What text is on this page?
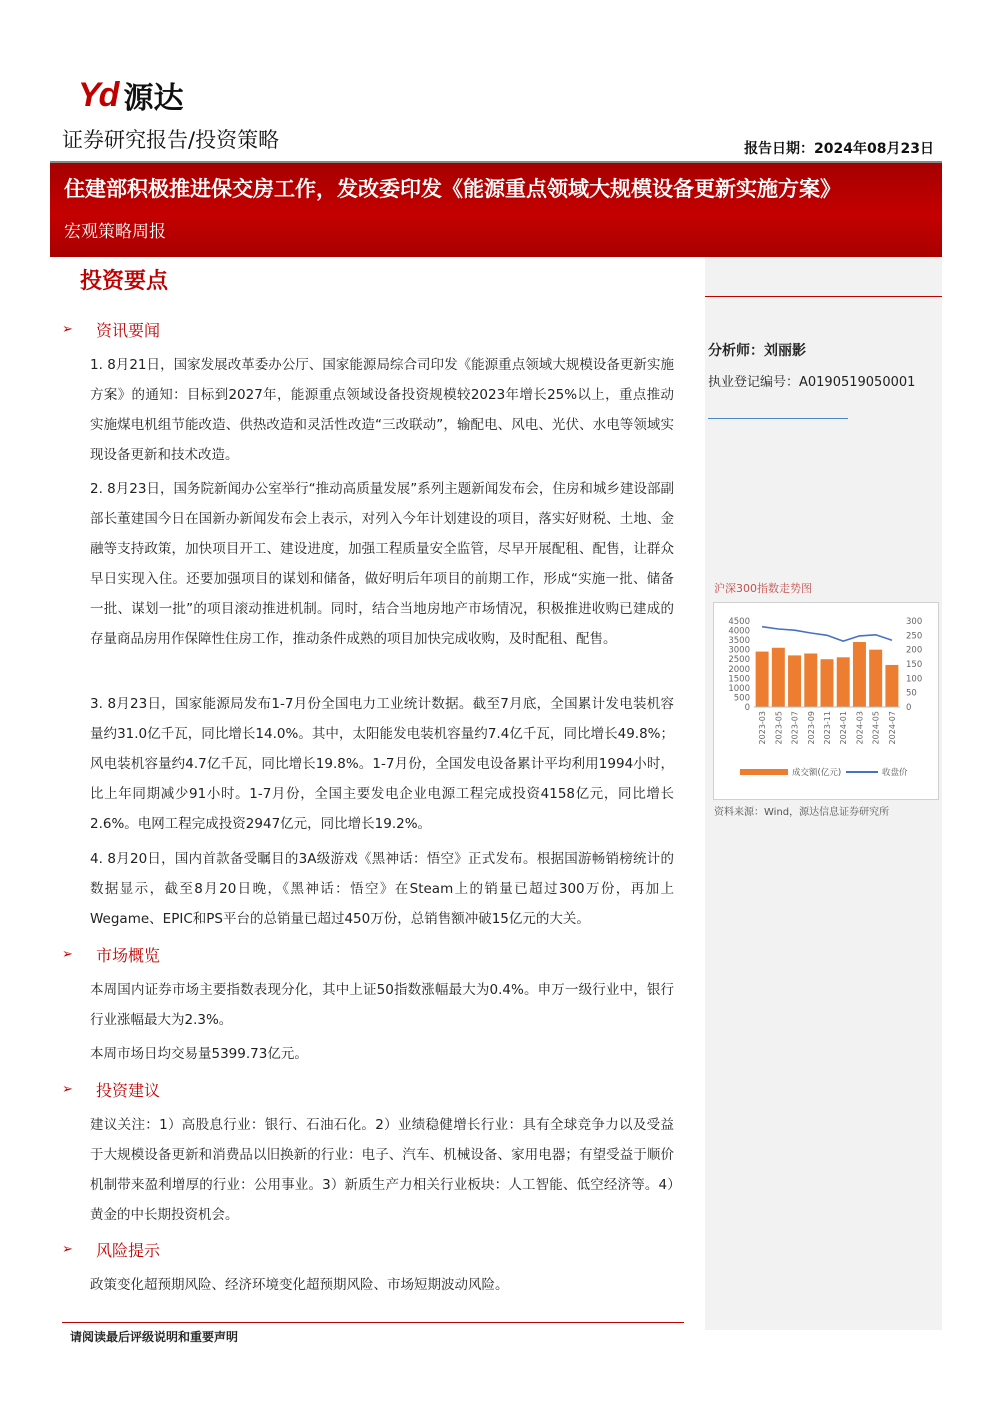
Yd 源达
证券研究报告/投资策略	报告日期：2024年08月23日
住建部积极推进保交房工作，发改委印发《能源重点领域大规模设备更新实施方案》
宏观策略周报
投资要点
分析师：刘丽影
执业登记编号：A0190519050001
沪深300指数走势图
4500
4000
3500
3000
2500
2000
1500
1000
500
0
300
250
200
150
100
50
0
2023-03 2023-05 2023-07 2023-09 2023-11 2024-01 2024-03 2024-05 2024-07
成交额(亿元)	收盘价
资料来源：Wind，源达信息证券研究所
➢	资讯要闻
1. 8月21日，国家发展改革委办公厅、国家能源局综合司印发《能源重点领域大规模设备更新实施方案》的通知：目标到2027年，能源重点领域设备投资规模较2023年增长25%以上，重点推动实施煤电机组节能改造、供热改造和灵活性改造“三改联动”，输配电、风电、光伏、水电等领域实现设备更新和技术改造。
2. 8月23日，国务院新闻办公室举行“推动高质量发展”系列主题新闻发布会，住房和城乡建设部副部长董建国今日在国新办新闻发布会上表示，对列入今年计划建设的项目，落实好财税、土地、金融等支持政策，加快项目开工、建设进度，加强工程质量安全监管，尽早开展配租、配售，让群众早日实现入住。还要加强项目的谋划和储备，做好明后年项目的前期工作，形成“实施一批、储备一批、谋划一批”的项目滚动推进机制。同时，结合当地房地产市场情况，积极推进收购已建成的存量商品房用作保障性住房工作，推动条件成熟的项目加快完成收购，及时配租、配售。
3. 8月23日，国家能源局发布1-7月份全国电力工业统计数据。截至7月底，全国累计发电装机容量约31.0亿千瓦，同比增长14.0%。其中，太阳能发电装机容量约7.4亿千瓦，同比增长49.8%；风电装机容量约4.7亿千瓦，同比增长19.8%。1-7月份，全国发电设备累计平均利用1994小时，比上年同期减少91小时。1-7月份，全国主要发电企业电源工程完成投资4158亿元，同比增长2.6%。电网工程完成投资2947亿元，同比增长19.2%。
4. 8月20日，国内首款备受瞩目的3A级游戏《黑神话：悟空》正式发布。根据国游畅销榜统计的数据显示，截至8月20日晚，《黑神话：悟空》在Steam上的销量已超过300万份，再加上Wegame、EPIC和PS平台的总销量已超过450万份，总销售额冲破15亿元的大关。
➢	市场概览
本周国内证券市场主要指数表现分化，其中上证50指数涨幅最大为0.4%。申万一级行业中，银行行业涨幅最大为2.3%。
本周市场日均交易量5399.73亿元。
➢	投资建议
建议关注：1）高股息行业：银行、石油石化。2）业绩稳健增长行业：具有全球竞争力以及受益于大规模设备更新和消费品以旧换新的行业：电子、汽车、机械设备、家用电器；有望受益于顺价机制带来盈利增厚的行业：公用事业。3）新质生产力相关行业板块：人工智能、低空经济等。4）黄金的中长期投资机会。
➢	风险提示
政策变化超预期风险、经济环境变化超预期风险、市场短期波动风险。
请阅读最后评级说明和重要声明
